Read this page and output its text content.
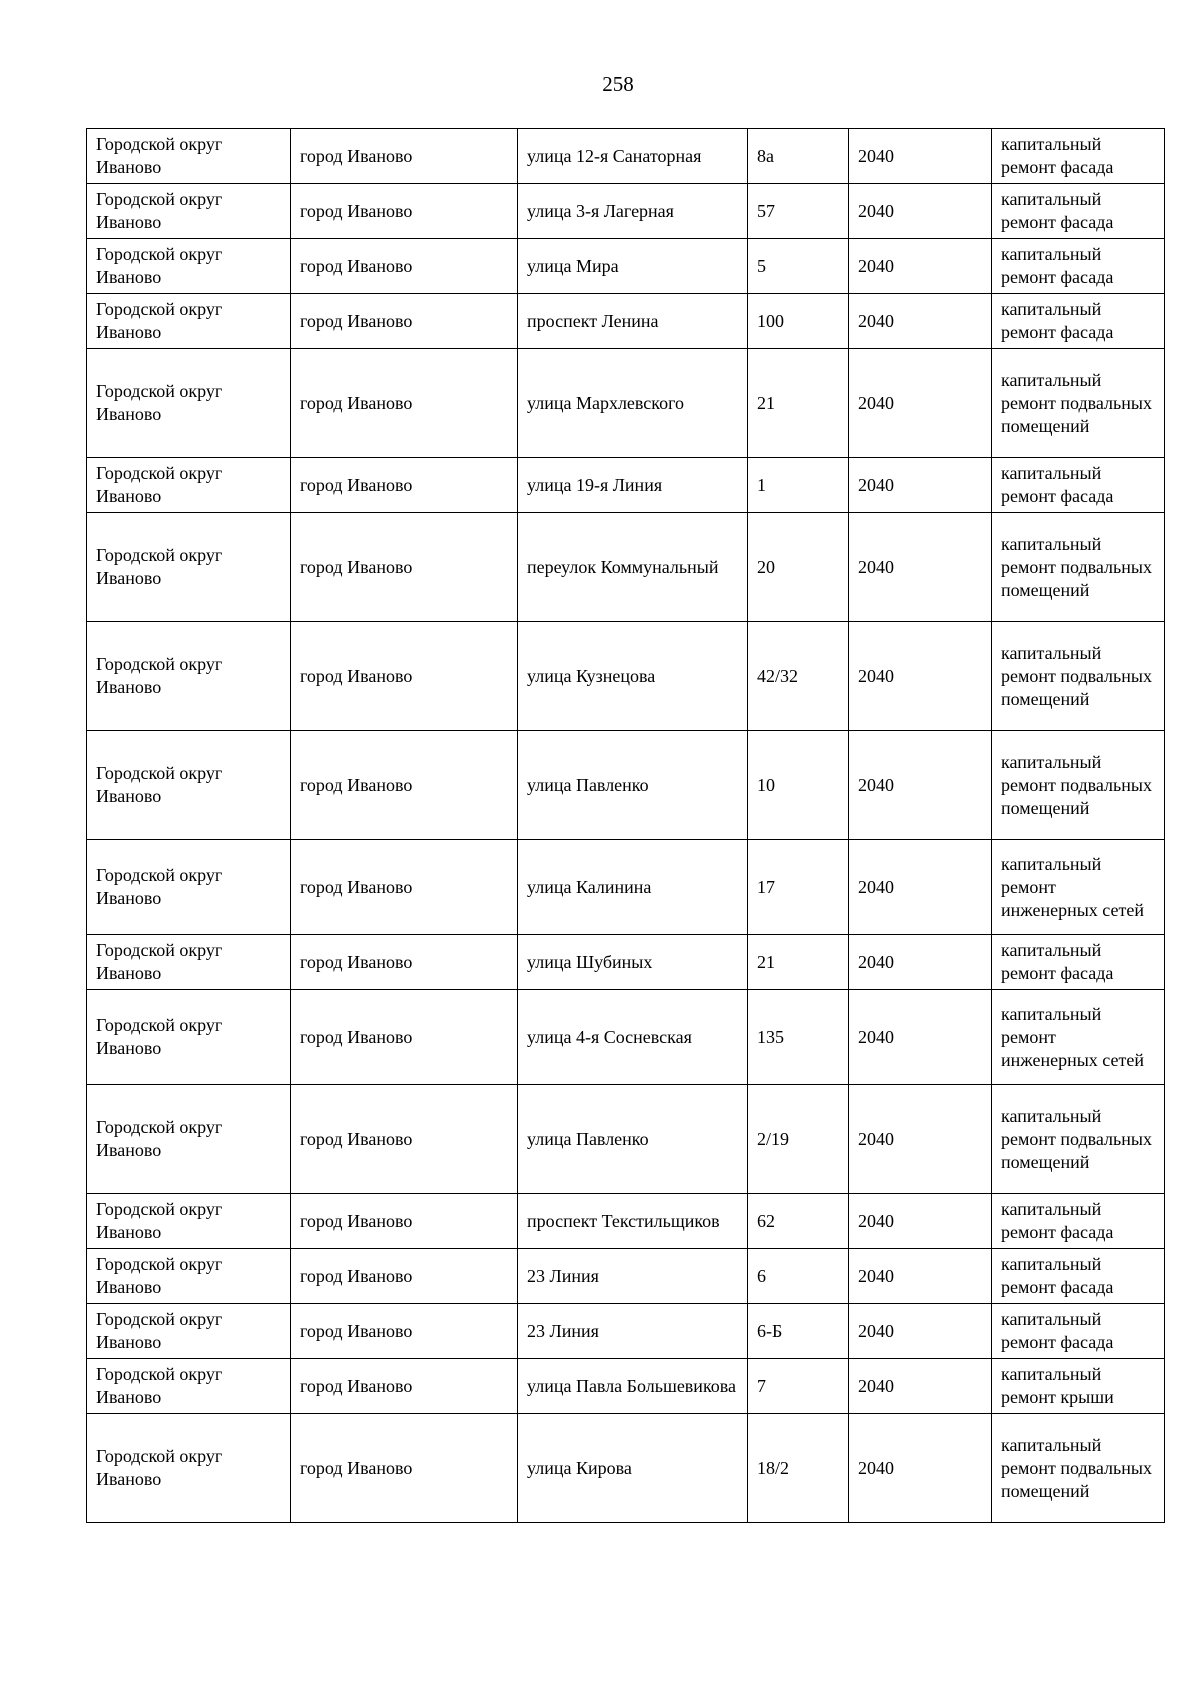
258
Городской округ Иваново	город Иваново	улица 12-я Санаторная	8а	2040	капитальный ремонт фасада
Городской округ Иваново	город Иваново	улица 3-я Лагерная	57	2040	капитальный ремонт фасада
Городской округ Иваново	город Иваново	улица Мира	5	2040	капитальный ремонт фасада
Городской округ Иваново	город Иваново	проспект Ленина	100	2040	капитальный ремонт фасада
Городской округ Иваново	город Иваново	улица Мархлевского	21	2040	капитальный ремонт подвальных помещений
Городской округ Иваново	город Иваново	улица 19-я Линия	1	2040	капитальный ремонт фасада
Городской округ Иваново	город Иваново	переулок Коммунальный	20	2040	капитальный ремонт подвальных помещений
Городской округ Иваново	город Иваново	улица Кузнецова	42/32	2040	капитальный ремонт подвальных помещений
Городской округ Иваново	город Иваново	улица Павленко	10	2040	капитальный ремонт подвальных помещений
Городской округ Иваново	город Иваново	улица Калинина	17	2040	капитальный ремонт инженерных сетей
Городской округ Иваново	город Иваново	улица Шубиных	21	2040	капитальный ремонт фасада
Городской округ Иваново	город Иваново	улица 4-я Сосневская	135	2040	капитальный ремонт инженерных сетей
Городской округ Иваново	город Иваново	улица Павленко	2/19	2040	капитальный ремонт подвальных помещений
Городской округ Иваново	город Иваново	проспект Текстильщиков	62	2040	капитальный ремонт фасада
Городской округ Иваново	город Иваново	23 Линия	6	2040	капитальный ремонт фасада
Городской округ Иваново	город Иваново	23 Линия	6-Б	2040	капитальный ремонт фасада
Городской округ Иваново	город Иваново	улица Павла Большевикова	7	2040	капитальный ремонт крыши
Городской округ Иваново	город Иваново	улица Кирова	18/2	2040	капитальный ремонт подвальных помещений
